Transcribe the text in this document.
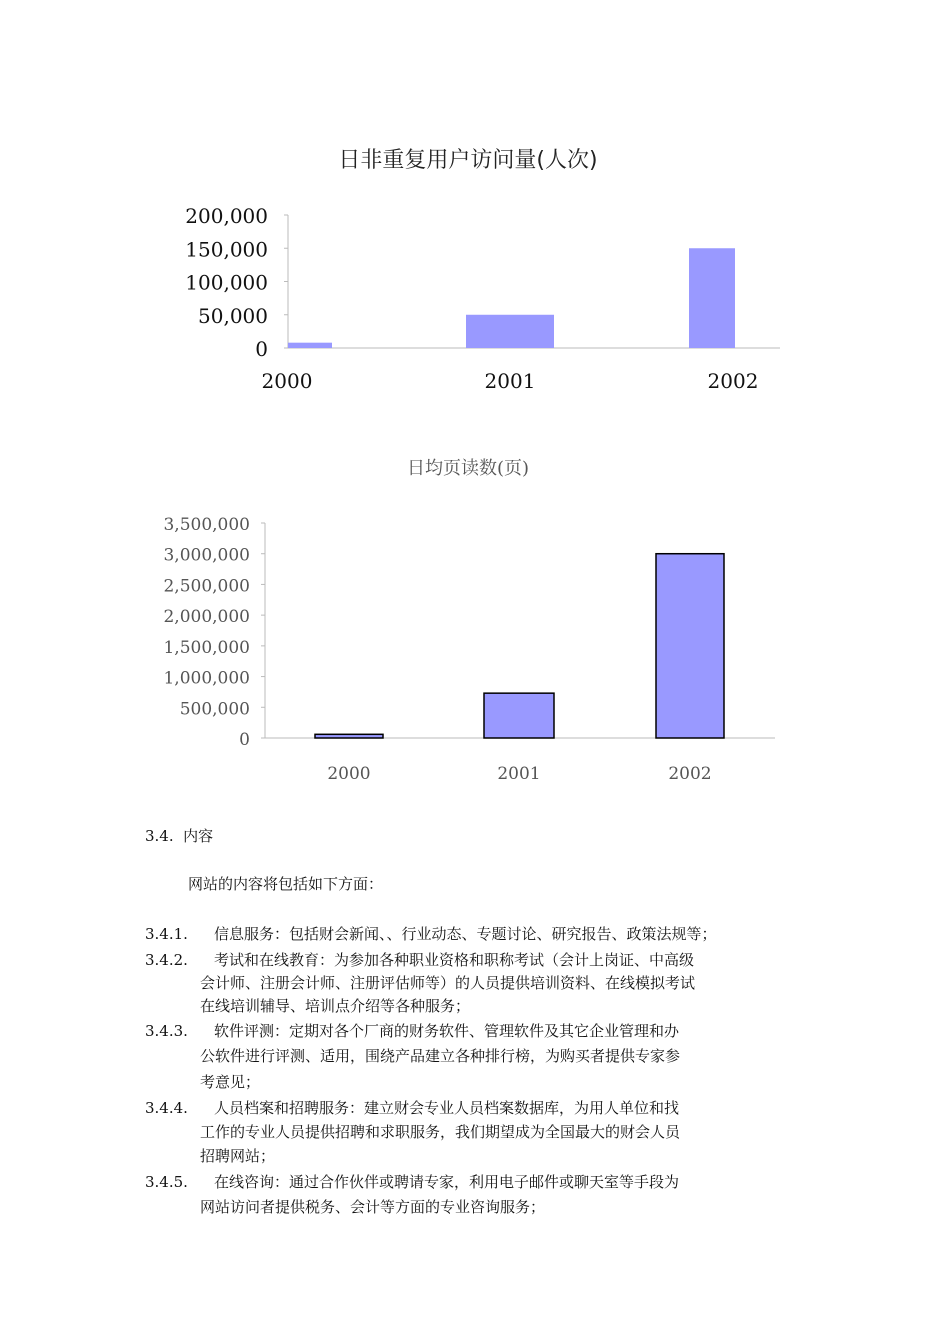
日非重复用户访问量(人次)
200,000
150,000
100,000
50,000
0
2000	2001	2002
日均页读数(页)
3,500,000
3,000,000
2,500,000
2,000,000
1,500,000
1,000,000
500,000
0
2000	2001	2002
3.4. 内容
网站的内容将包括如下方面：
3.4.1. 信息服务：包括财会新闻、、行业动态、专题讨论、研究报告、政策法规等；
3.4.2. 考试和在线教育：为参加各种职业资格和职称考试（会计上岗证、中高级
会计师、注册会计师、注册评估师等）的人员提供培训资料、在线模拟考试
在线培训辅导、培训点介绍等各种服务；
3.4.3. 软件评测：定期对各个厂商的财务软件、管理软件及其它企业管理和办
公软件进行评测、适用，围绕产品建立各种排行榜，为购买者提供专家参
考意见；
3.4.4. 人员档案和招聘服务：建立财会专业人员档案数据库，为用人单位和找
工作的专业人员提供招聘和求职服务，我们期望成为全国最大的财会人员
招聘网站；
3.4.5. 在线咨询：通过合作伙伴或聘请专家，利用电子邮件或聊天室等手段为
网站访问者提供税务、会计等方面的专业咨询服务；
